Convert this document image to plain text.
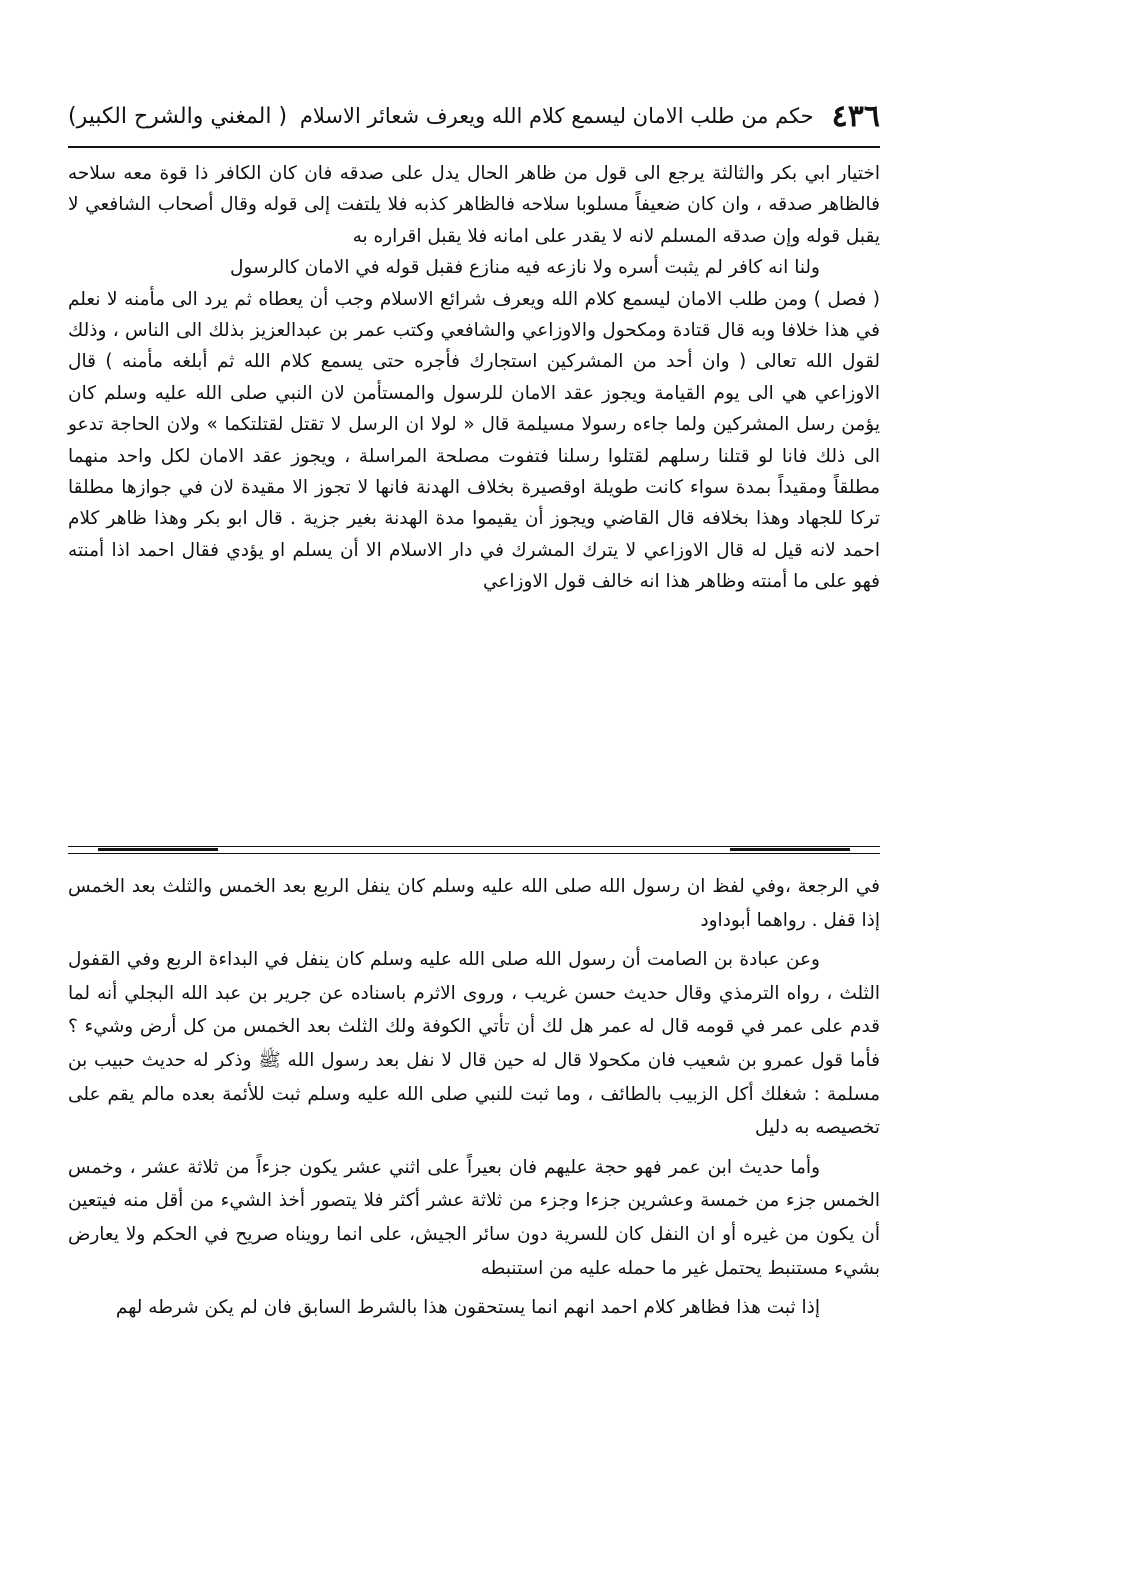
٤٣٦
حكم من طلب الامان ليسمع كلام الله ويعرف شعائر الاسلام
( المغني والشرح الكبير)

اختيار ابي بكر والثالثة يرجع الى قول من ظاهر الحال يدل على صدقه فان كان الكافر ذا قوة معه سلاحه فالظاهر صدقه ، وان كان ضعيفاً مسلوبا سلاحه فالظاهر كذبه فلا يلتفت إلى قوله وقال أصحاب الشافعي لا يقبل قوله وإن صدقه المسلم لانه لا يقدر على امانه فلا يقبل اقراره به

ولنا انه كافر لم يثبت أسره ولا نازعه فيه منازع فقبل قوله في الامان كالرسول

( فصل ) ومن طلب الامان ليسمع كلام الله ويعرف شرائع الاسلام وجب أن يعطاه ثم يرد الى مأمنه لا نعلم في هذا خلافا وبه قال قتادة ومكحول والاوزاعي والشافعي وكتب عمر بن عبدالعزيز بذلك الى الناس ، وذلك لقول الله تعالى ( وان أحد من المشركين استجارك فأجره حتى يسمع كلام الله ثم أبلغه مأمنه ) قال الاوزاعي هي الى يوم القيامة ويجوز عقد الامان للرسول والمستأمن لان النبي صلى الله عليه وسلم كان يؤمن رسل المشركين ولما جاءه رسولا مسيلمة قال « لولا ان الرسل لا تقتل لقتلتكما » ولان الحاجة تدعو الى ذلك فانا لو قتلنا رسلهم لقتلوا رسلنا فتفوت مصلحة المراسلة ، ويجوز عقد الامان لكل واحد منهما مطلقاً ومقيداً بمدة سواء كانت طويلة اوقصيرة بخلاف الهدنة فانها لا تجوز الا مقيدة لان في جوازها مطلقا تركا للجهاد وهذا بخلافه قال القاضي ويجوز أن يقيموا مدة الهدنة بغير جزية . قال ابو بكر وهذا ظاهر كلام احمد لانه قيل له قال الاوزاعي لا يترك المشرك في دار الاسلام الا أن يسلم او يؤدي فقال احمد اذا أمنته فهو على ما أمنته وظاهر هذا انه خالف قول الاوزاعي

في الرجعة ،وفي لفظ ان رسول الله صلى الله عليه وسلم كان ينفل الربع بعد الخمس والثلث بعد الخمس إذا قفل . رواهما أبوداود

وعن عبادة بن الصامت أن رسول الله صلى الله عليه وسلم كان ينفل في البداءة الربع وفي القفول الثلث ، رواه الترمذي وقال حديث حسن غريب ، وروى الاثرم باسناده عن جرير بن عبد الله البجلي أنه لما قدم على عمر في قومه قال له عمر هل لك أن تأتي الكوفة ولك الثلث بعد الخمس من كل أرض وشيء ؟ فأما قول عمرو بن شعيب فان مكحولا قال له حين قال لا نفل بعد رسول الله ﷺ وذكر له حديث حبيب بن مسلمة : شغلك أكل الزبيب بالطائف ، وما ثبت للنبي صلى الله عليه وسلم ثبت للأئمة بعده مالم يقم على تخصيصه به دليل

وأما حديث ابن عمر فهو حجة عليهم فان بعيراً على اثني عشر يكون جزءاً من ثلاثة عشر ، وخمس الخمس جزء من خمسة وعشرين جزءا وجزء من ثلاثة عشر أكثر فلا يتصور أخذ الشيء من أقل منه فيتعين أن يكون من غيره أو ان النفل كان للسرية دون سائر الجيش، على انما رويناه صريح في الحكم ولا يعارض بشيء مستنبط يحتمل غير ما حمله عليه من استنبطه

إذا ثبت هذا فظاهر كلام احمد انهم انما يستحقون هذا بالشرط السابق فان لم يكن شرطه لهم
